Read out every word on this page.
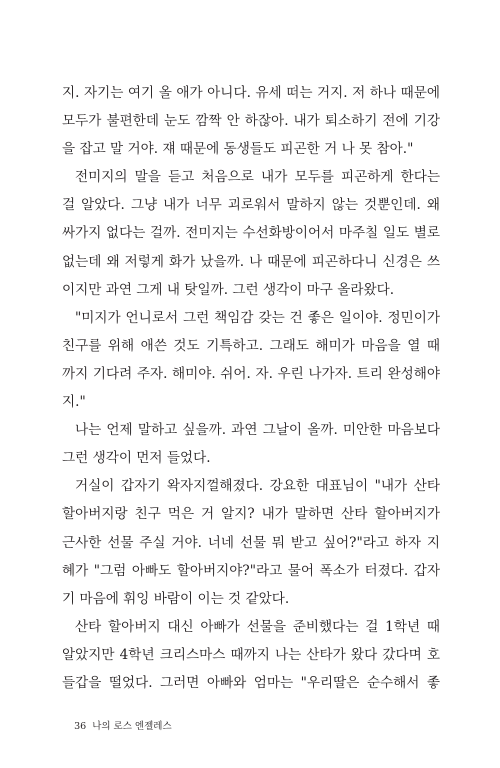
지. 자기는 여기 올 애가 아니다. 유세 떠는 거지. 저 하나 때문에
모두가 불편한데 눈도 깜짝 안 하잖아. 내가 퇴소하기 전에 기강
을 잡고 말 거야. 쟤 때문에 동생들도 피곤한 거 나 못 참아."
전미지의 말을 듣고 처음으로 내가 모두를 피곤하게 한다는
걸 알았다. 그냥 내가 너무 괴로워서 말하지 않는 것뿐인데. 왜
싸가지 없다는 걸까. 전미지는 수선화방이어서 마주칠 일도 별로
없는데 왜 저렇게 화가 났을까. 나 때문에 피곤하다니 신경은 쓰
이지만 과연 그게 내 탓일까. 그런 생각이 마구 올라왔다.
"미지가 언니로서 그런 책임감 갖는 건 좋은 일이야. 정민이가
친구를 위해 애쓴 것도 기특하고. 그래도 해미가 마음을 열 때
까지 기다려 주자. 해미야. 쉬어. 자. 우린 나가자. 트리 완성해야
지."
나는 언제 말하고 싶을까. 과연 그날이 올까. 미안한 마음보다
그런 생각이 먼저 들었다.
거실이 갑자기 왁자지껄해졌다. 강요한 대표님이 "내가 산타
할아버지랑 친구 먹은 거 알지? 내가 말하면 산타 할아버지가
근사한 선물 주실 거야. 너네 선물 뭐 받고 싶어?"라고 하자 지
혜가 "그럼 아빠도 할아버지야?"라고 물어 폭소가 터졌다. 갑자
기 마음에 휘잉 바람이 이는 것 같았다.
산타 할아버지 대신 아빠가 선물을 준비했다는 걸 1학년 때
알았지만 4학년 크리스마스 때까지 나는 산타가 왔다 갔다며 호
들갑을 떨었다. 그러면 아빠와 엄마는 "우리딸은 순수해서 좋

36 나의 로스 엔젤레스
